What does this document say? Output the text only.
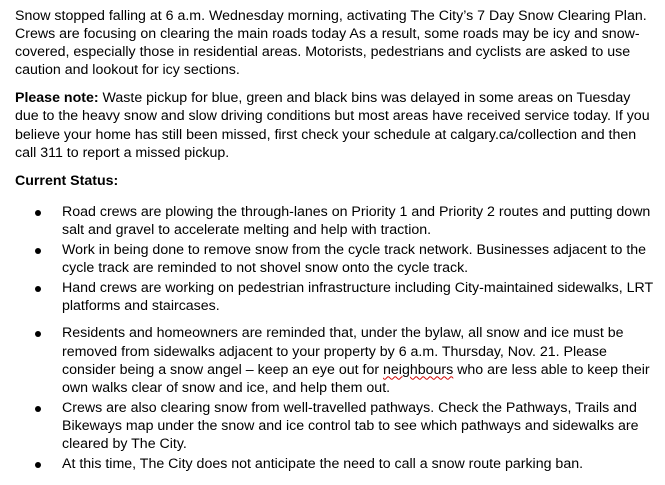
Snow stopped falling at 6 a.m. Wednesday morning, activating The City’s 7 Day Snow Clearing Plan. Crews are focusing on clearing the main roads today As a result, some roads may be icy and snow-covered, especially those in residential areas. Motorists, pedestrians and cyclists are asked to use caution and lookout for icy sections.

Please note: Waste pickup for blue, green and black bins was delayed in some areas on Tuesday due to the heavy snow and slow driving conditions but most areas have received service today. If you believe your home has still been missed, first check your schedule at calgary.ca/collection and then call 311 to report a missed pickup.

Current Status:

Road crews are plowing the through-lanes on Priority 1 and Priority 2 routes and putting down salt and gravel to accelerate melting and help with traction.
Work in being done to remove snow from the cycle track network. Businesses adjacent to the cycle track are reminded to not shovel snow onto the cycle track.
Hand crews are working on pedestrian infrastructure including City-maintained sidewalks, LRT platforms and staircases.
Residents and homeowners are reminded that, under the bylaw, all snow and ice must be removed from sidewalks adjacent to your property by 6 a.m. Thursday, Nov. 21. Please consider being a snow angel – keep an eye out for neighbours who are less able to keep their own walks clear of snow and ice, and help them out.
Crews are also clearing snow from well-travelled pathways. Check the Pathways, Trails and Bikeways map under the snow and ice control tab to see which pathways and sidewalks are cleared by The City.
At this time, The City does not anticipate the need to call a snow route parking ban.
